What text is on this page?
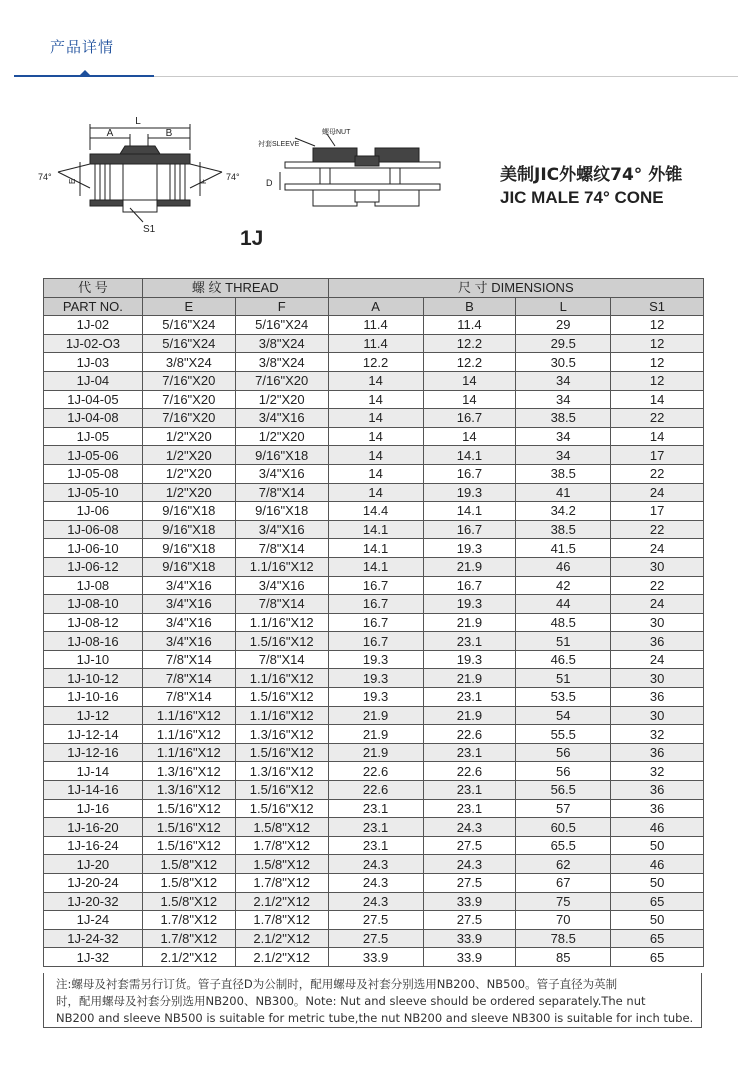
产品详情
L
A	B
74°	74°
E	F
S1
衬套SLEEVE
螺母NUT
D
1J
美制JIC外螺纹74° 外锥
JIC MALE 74° CONE
代 号	螺 纹 THREAD		尺 寸 DIMENSIONS			
PART NO.	E	F	A	B	L	S1
1J-02	5/16"X24	5/16"X24	11.4	11.4	29	12
1J-02-O3	5/16"X24	3/8"X24	11.4	12.2	29.5	12
1J-03	3/8"X24	3/8"X24	12.2	12.2	30.5	12
1J-04	7/16"X20	7/16"X20	14	14	34	12
1J-04-05	7/16"X20	1/2"X20	14	14	34	14
1J-04-08	7/16"X20	3/4"X16	14	16.7	38.5	22
1J-05	1/2"X20	1/2"X20	14	14	34	14
1J-05-06	1/2"X20	9/16"X18	14	14.1	34	17
1J-05-08	1/2"X20	3/4"X16	14	16.7	38.5	22
1J-05-10	1/2"X20	7/8"X14	14	19.3	41	24
1J-06	9/16"X18	9/16"X18	14.4	14.1	34.2	17
1J-06-08	9/16"X18	3/4"X16	14.1	16.7	38.5	22
1J-06-10	9/16"X18	7/8"X14	14.1	19.3	41.5	24
1J-06-12	9/16"X18	1.1/16"X12	14.1	21.9	46	30
1J-08	3/4"X16	3/4"X16	16.7	16.7	42	22
1J-08-10	3/4"X16	7/8"X14	16.7	19.3	44	24
1J-08-12	3/4"X16	1.1/16"X12	16.7	21.9	48.5	30
1J-08-16	3/4"X16	1.5/16"X12	16.7	23.1	51	36
1J-10	7/8"X14	7/8"X14	19.3	19.3	46.5	24
1J-10-12	7/8"X14	1.1/16"X12	19.3	21.9	51	30
1J-10-16	7/8"X14	1.5/16"X12	19.3	23.1	53.5	36
1J-12	1.1/16"X12	1.1/16"X12	21.9	21.9	54	30
1J-12-14	1.1/16"X12	1.3/16"X12	21.9	22.6	55.5	32
1J-12-16	1.1/16"X12	1.5/16"X12	21.9	23.1	56	36
1J-14	1.3/16"X12	1.3/16"X12	22.6	22.6	56	32
1J-14-16	1.3/16"X12	1.5/16"X12	22.6	23.1	56.5	36
1J-16	1.5/16"X12	1.5/16"X12	23.1	23.1	57	36
1J-16-20	1.5/16"X12	1.5/8"X12	23.1	24.3	60.5	46
1J-16-24	1.5/16"X12	1.7/8"X12	23.1	27.5	65.5	50
1J-20	1.5/8"X12	1.5/8"X12	24.3	24.3	62	46
1J-20-24	1.5/8"X12	1.7/8"X12	24.3	27.5	67	50
1J-20-32	1.5/8"X12	2.1/2"X12	24.3	33.9	75	65
1J-24	1.7/8"X12	1.7/8"X12	27.5	27.5	70	50
1J-24-32	1.7/8"X12	2.1/2"X12	27.5	33.9	78.5	65
1J-32	2.1/2"X12	2.1/2"X12	33.9	33.9	85	65
注:螺母及衬套需另行订货。管子直径D为公制时，配用螺母及衬套分别选用NB200、NB500。管子直径为英制
时，配用螺母及衬套分别选用NB200、NB300。Note: Nut and sleeve should be ordered separately.The nut
NB200 and sleeve NB500 is suitable for metric tube,the nut NB200 and sleeve NB300 is suitable for inch tube.
